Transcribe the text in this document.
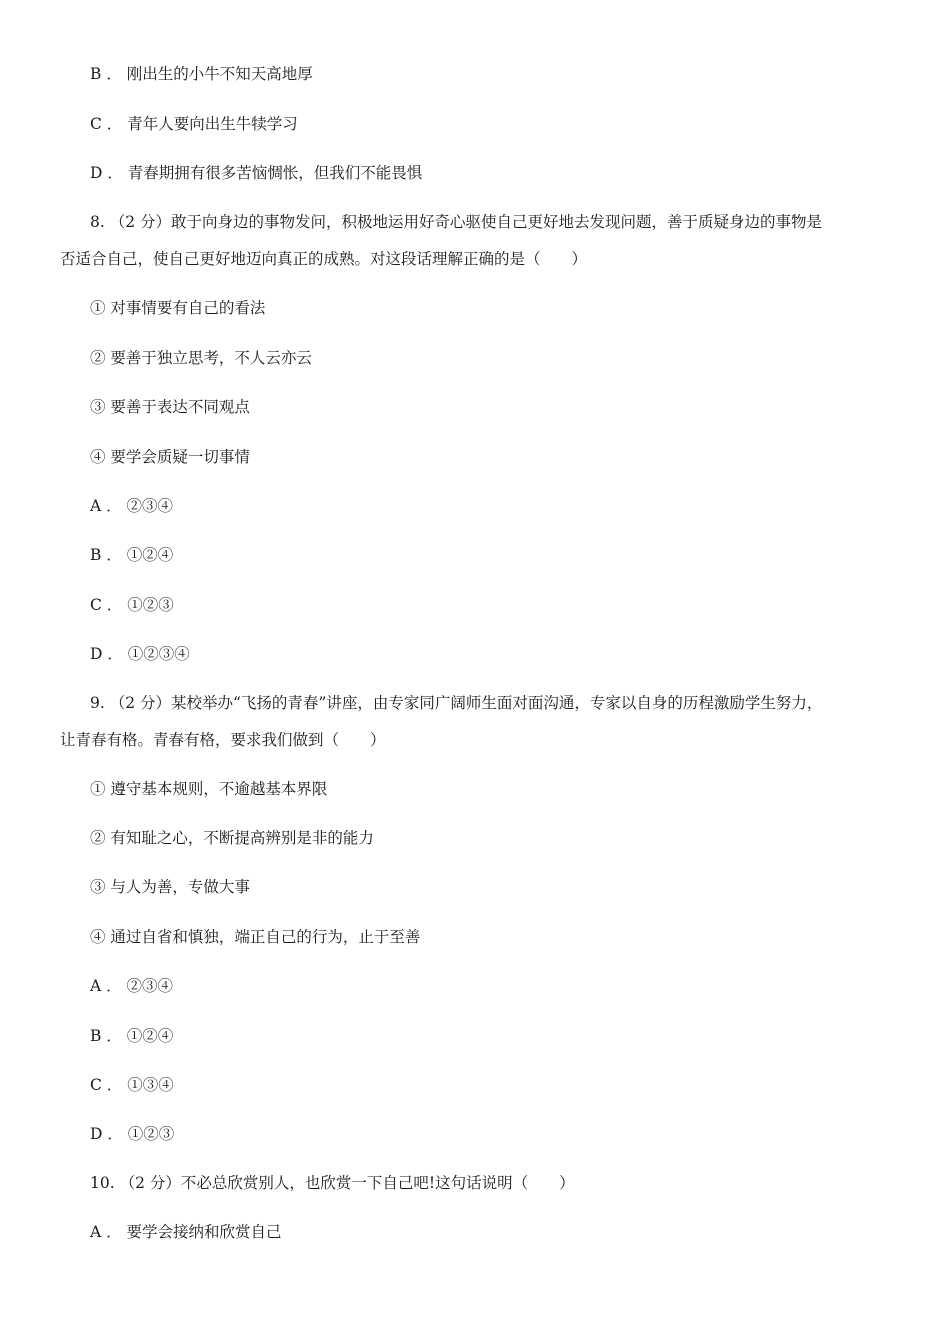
B ． 刚出生的小牛不知天高地厚
C ． 青年人要向出生牛犊学习
D ． 青春期拥有很多苦恼惆怅，但我们不能畏惧
8. （2 分）敢于向身边的事物发问，积极地运用好奇心驱使自己更好地去发现问题，善于质疑身边的事物是
否适合自己，使自己更好地迈向真正的成熟。对这段话理解正确的是（　　）
① 对事情要有自己的看法
② 要善于独立思考，不人云亦云
③ 要善于表达不同观点
④ 要学会质疑一切事情
A ． ②③④
B ． ①②④
C ． ①②③
D ． ①②③④
9. （2 分）某校举办“飞扬的青春”讲座，由专家同广阔师生面对面沟通，专家以自身的历程激励学生努力，
让青春有格。青春有格，要求我们做到（　　）
① 遵守基本规则，不逾越基本界限
② 有知耻之心，不断提高辨别是非的能力
③ 与人为善，专做大事
④ 通过自省和慎独，端正自己的行为，止于至善
A ． ②③④
B ． ①②④
C ． ①③④
D ． ①②③
10. （2 分）不必总欣赏别人，也欣赏一下自己吧!这句话说明（　　）
A ． 要学会接纳和欣赏自己
